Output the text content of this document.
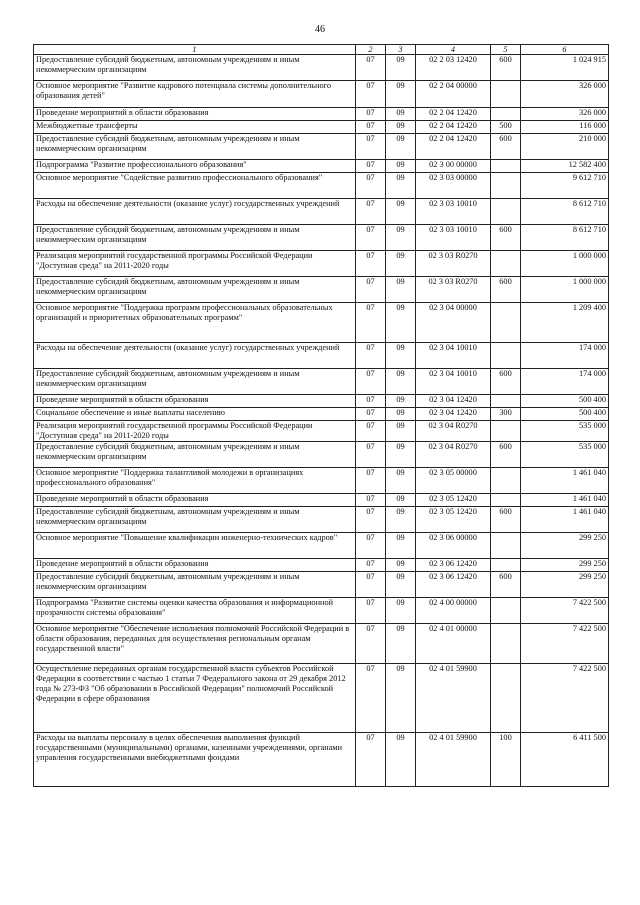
46
1	2	3	4	5	6
Предоставление субсидий бюджетным, автономным учреждениям и иным некоммерческим организациям	07	09	02 2 03 12420	600	1 024 915
Основное мероприятие "Развитие кадрового потенциала системы дополнительного образования детей"	07	09	02 2 04 00000		326 000
Проведение мероприятий в области образования	07	09	02 2 04 12420		326 000
Межбюджетные трансферты	07	09	02 2 04 12420	500	116 000
Предоставление субсидий бюджетным, автономным учреждениям и иным некоммерческим организациям	07	09	02 2 04 12420	600	210 000
Подпрограмма "Развитие профессионального образования"	07	09	02 3 00 00000		12 582 400
Основное мероприятие "Содействие развитию профессионального образования"	07	09	02 3 03 00000		9 612 710
Расходы на обеспечение деятельности (оказание услуг) государственных учреждений	07	09	02 3 03 10010		8 612 710
Предоставление субсидий бюджетным, автономным учреждениям и иным некоммерческим организациям	07	09	02 3 03 10010	600	8 612 710
Реализация мероприятий государственной программы Российской Федерации "Доступная среда" на 2011-2020 годы	07	09	02 3 03 R0270		1 000 000
Предоставление субсидий бюджетным, автономным учреждениям и иным некоммерческим организациям	07	09	02 3 03 R0270	600	1 000 000
Основное мероприятие "Поддержка программ профессиональных образовательных организаций и приоритетных образовательных программ"	07	09	02 3 04 00000		1 209 400
Расходы на обеспечение деятельности (оказание услуг) государственных учреждений	07	09	02 3 04 10010		174 000
Предоставление субсидий бюджетным, автономным учреждениям и иным некоммерческим организациям	07	09	02 3 04 10010	600	174 000
Проведение мероприятий в области образования	07	09	02 3 04 12420		500 400
Социальное обеспечение и иные выплаты населению	07	09	02 3 04 12420	300	500 400
Реализация мероприятий государственной программы Российской Федерации "Доступная среда" на 2011-2020 годы	07	09	02 3 04 R0270		535 000
Предоставление субсидий бюджетным, автономным учреждениям и иным некоммерческим организациям	07	09	02 3 04 R0270	600	535 000
Основное мероприятие "Поддержка талантливой молодежи в организациях профессионального образования"	07	09	02 3 05 00000		1 461 040
Проведение мероприятий в области образования	07	09	02 3 05 12420		1 461 040
Предоставление субсидий бюджетным, автономным учреждениям и иным некоммерческим организациям	07	09	02 3 05 12420	600	1 461 040
Основное мероприятие "Повышение квалификации инженерно-технических кадров"	07	09	02 3 06 00000		299 250
Проведение мероприятий в области образования	07	09	02 3 06 12420		299 250
Предоставление субсидий бюджетным, автономным учреждениям и иным некоммерческим организациям	07	09	02 3 06 12420	600	299 250
Подпрограмма "Развитие системы оценки качества образования и информационной прозрачности системы образования"	07	09	02 4 00 00000		7 422 500
Основное мероприятие "Обеспечение исполнения полномочий Российской Федерации в области образования, переданных для осуществления региональным органам государственной власти"	07	09	02 4 01 00000		7 422 500
Осуществление переданных органам государственной власти субъектов Российской Федерации в соответствии с частью 1 статьи 7 Федерального закона от 29 декабря 2012 года № 273-ФЗ "Об образовании в Российской Федерации" полномочий Российской Федерации в сфере образования	07	09	02 4 01 59900		7 422 500
Расходы на выплаты персоналу в целях обеспечения выполнения функций государственными (муниципальными) органами, казенными учреждениями, органами управления государственными внебюджетными фондами	07	09	02 4 01 59900	100	6 411 500
